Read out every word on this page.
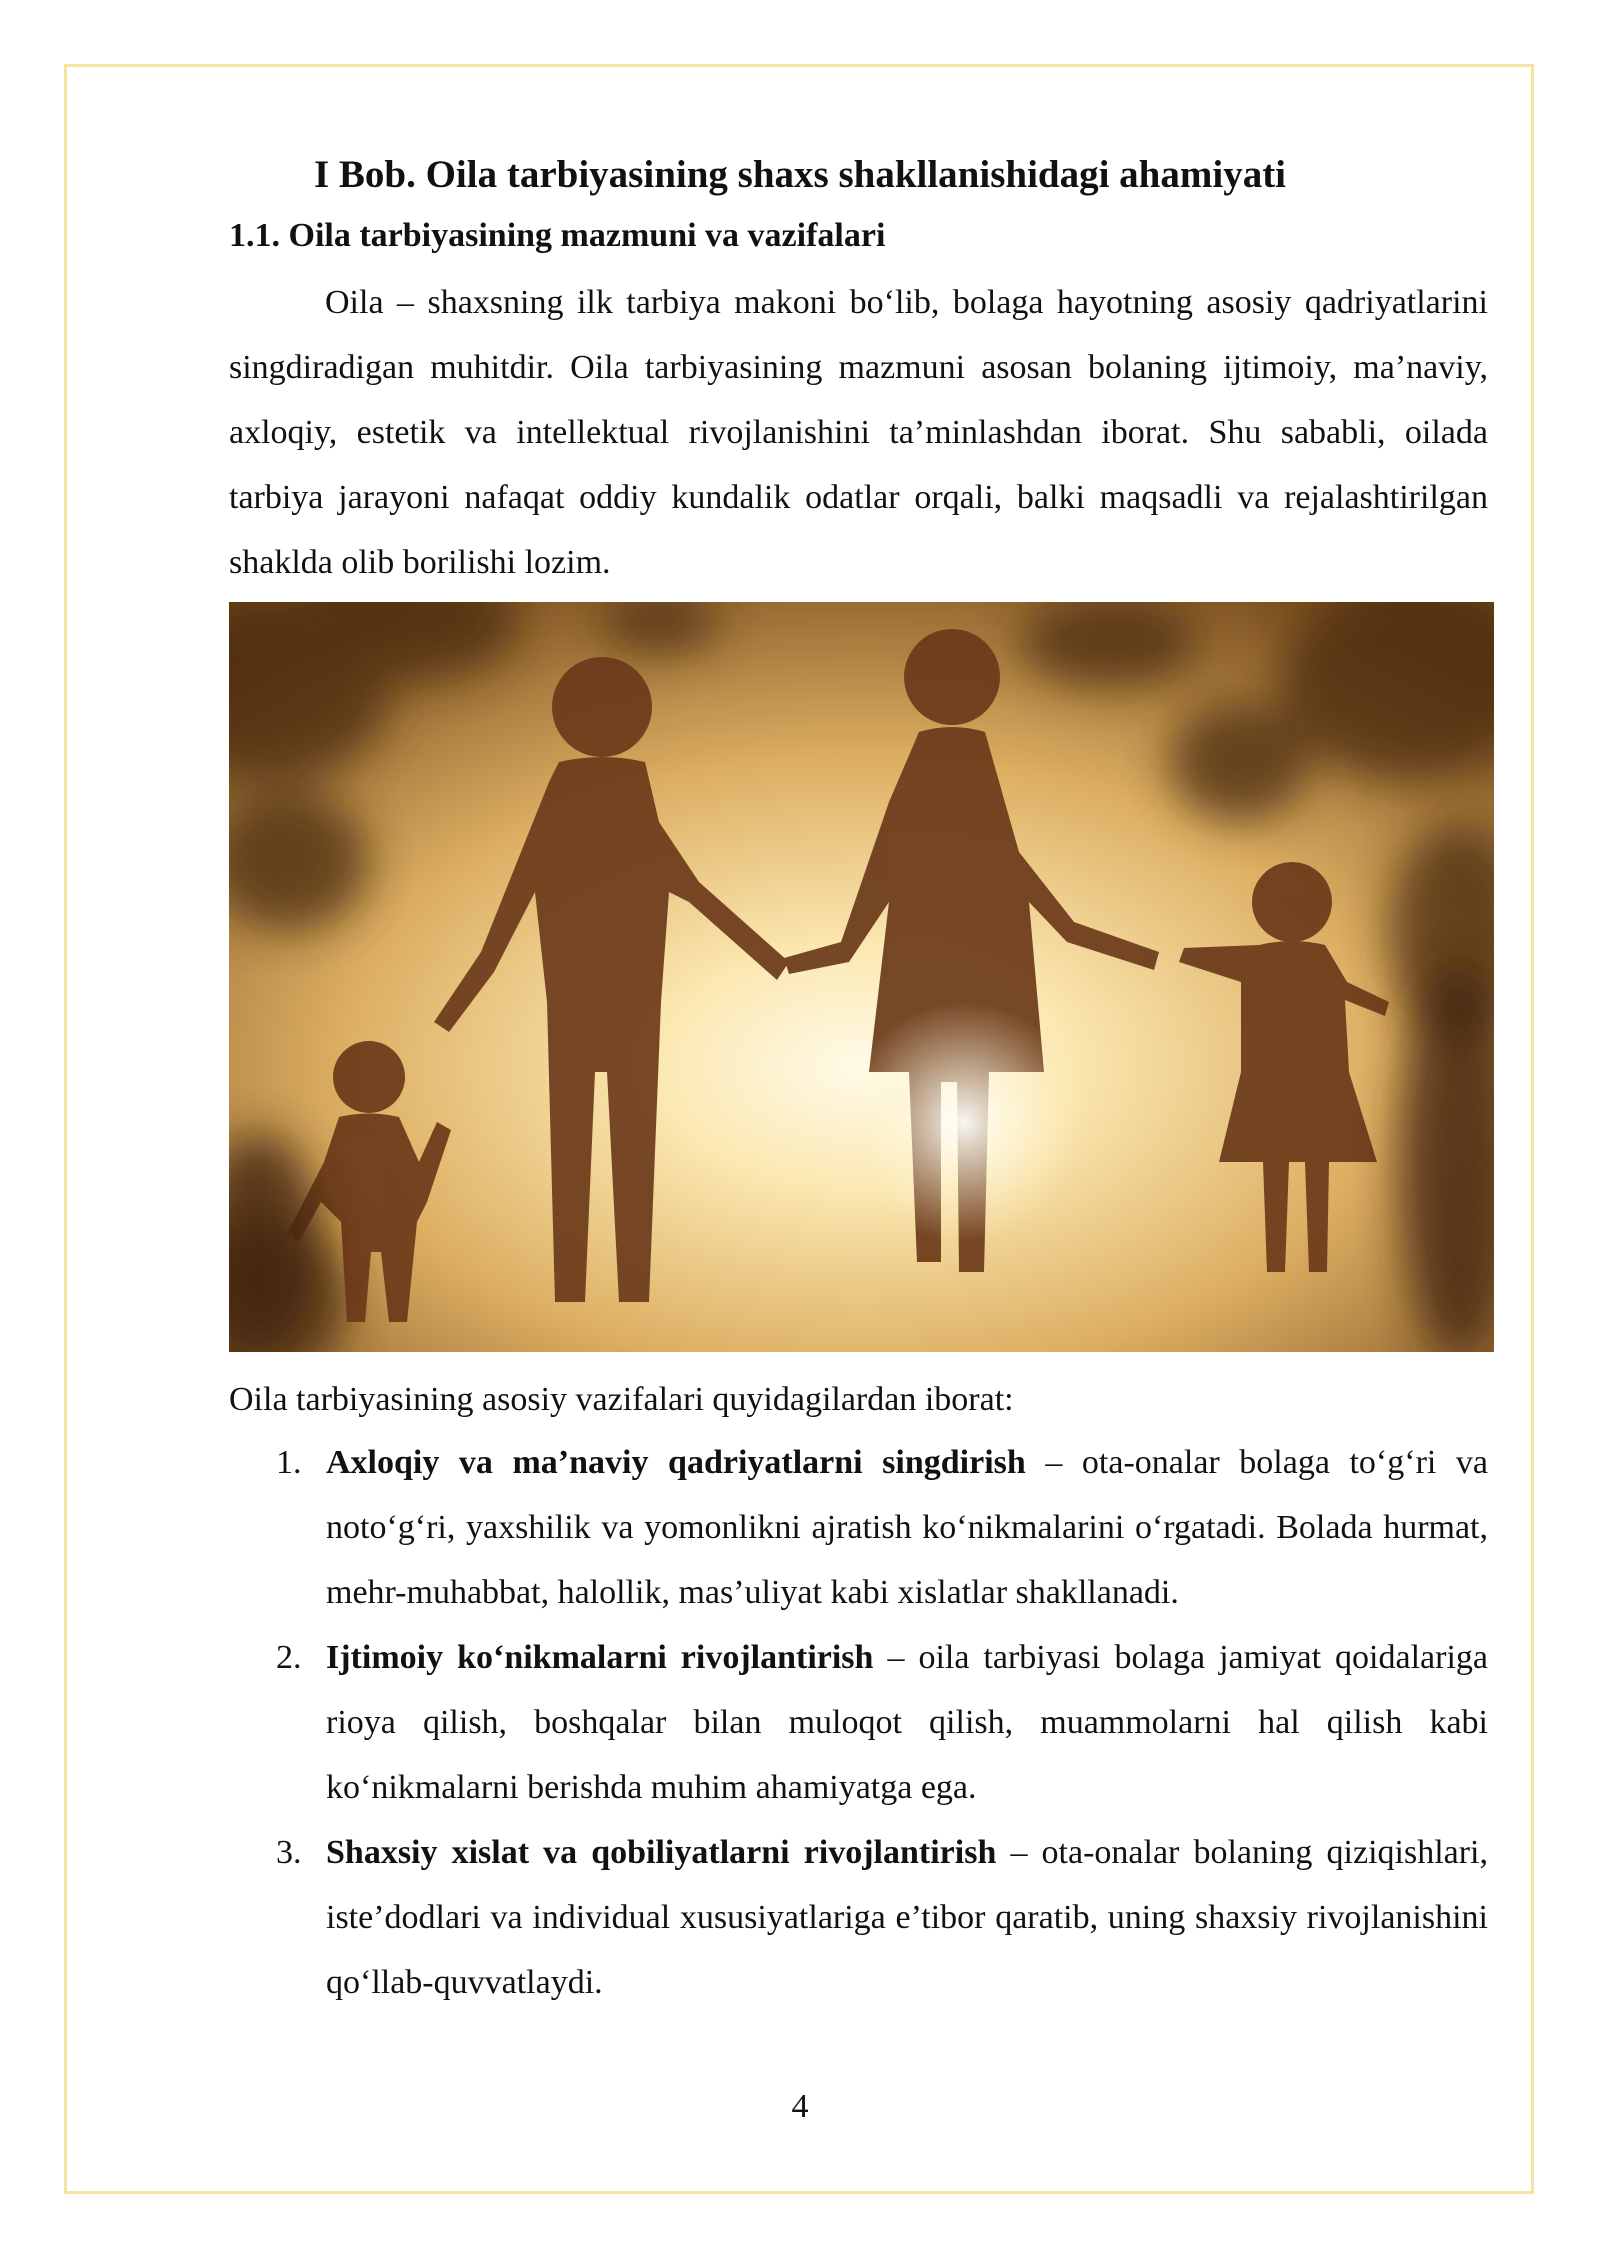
I Bob. Oila tarbiyasining shaxs shakllanishidagi ahamiyati
1.1. Oila tarbiyasining mazmuni va vazifalari

Oila – shaxsning ilk tarbiya makoni bo‘lib, bolaga hayotning asosiy qadriyatlarini singdiradigan muhitdir. Oila tarbiyasining mazmuni asosan bolaning ijtimoiy, ma’naviy, axloqiy, estetik va intellektual rivojlanishini ta’minlashdan iborat. Shu sababli, oilada tarbiya jarayoni nafaqat oddiy kundalik odatlar orqali, balki maqsadli va rejalashtirilgan shaklda olib borilishi lozim.

Oila tarbiyasining asosiy vazifalari quyidagilardan iborat:

1. Axloqiy va ma’naviy qadriyatlarni singdirish – ota-onalar bolaga to‘g‘ri va noto‘g‘ri, yaxshilik va yomonlikni ajratish ko‘nikmalarini o‘rgatadi. Bolada hurmat, mehr-muhabbat, halollik, mas’uliyat kabi xislatlar shakllanadi.
2. Ijtimoiy ko‘nikmalarni rivojlantirish – oila tarbiyasi bolaga jamiyat qoidalariga rioya qilish, boshqalar bilan muloqot qilish, muammolarni hal qilish kabi ko‘nikmalarni berishda muhim ahamiyatga ega.
3. Shaxsiy xislat va qobiliyatlarni rivojlantirish – ota-onalar bolaning qiziqishlari, iste’dodlari va individual xususiyatlariga e’tibor qaratib, uning shaxsiy rivojlanishini qo‘llab-quvvatlaydi.

4
